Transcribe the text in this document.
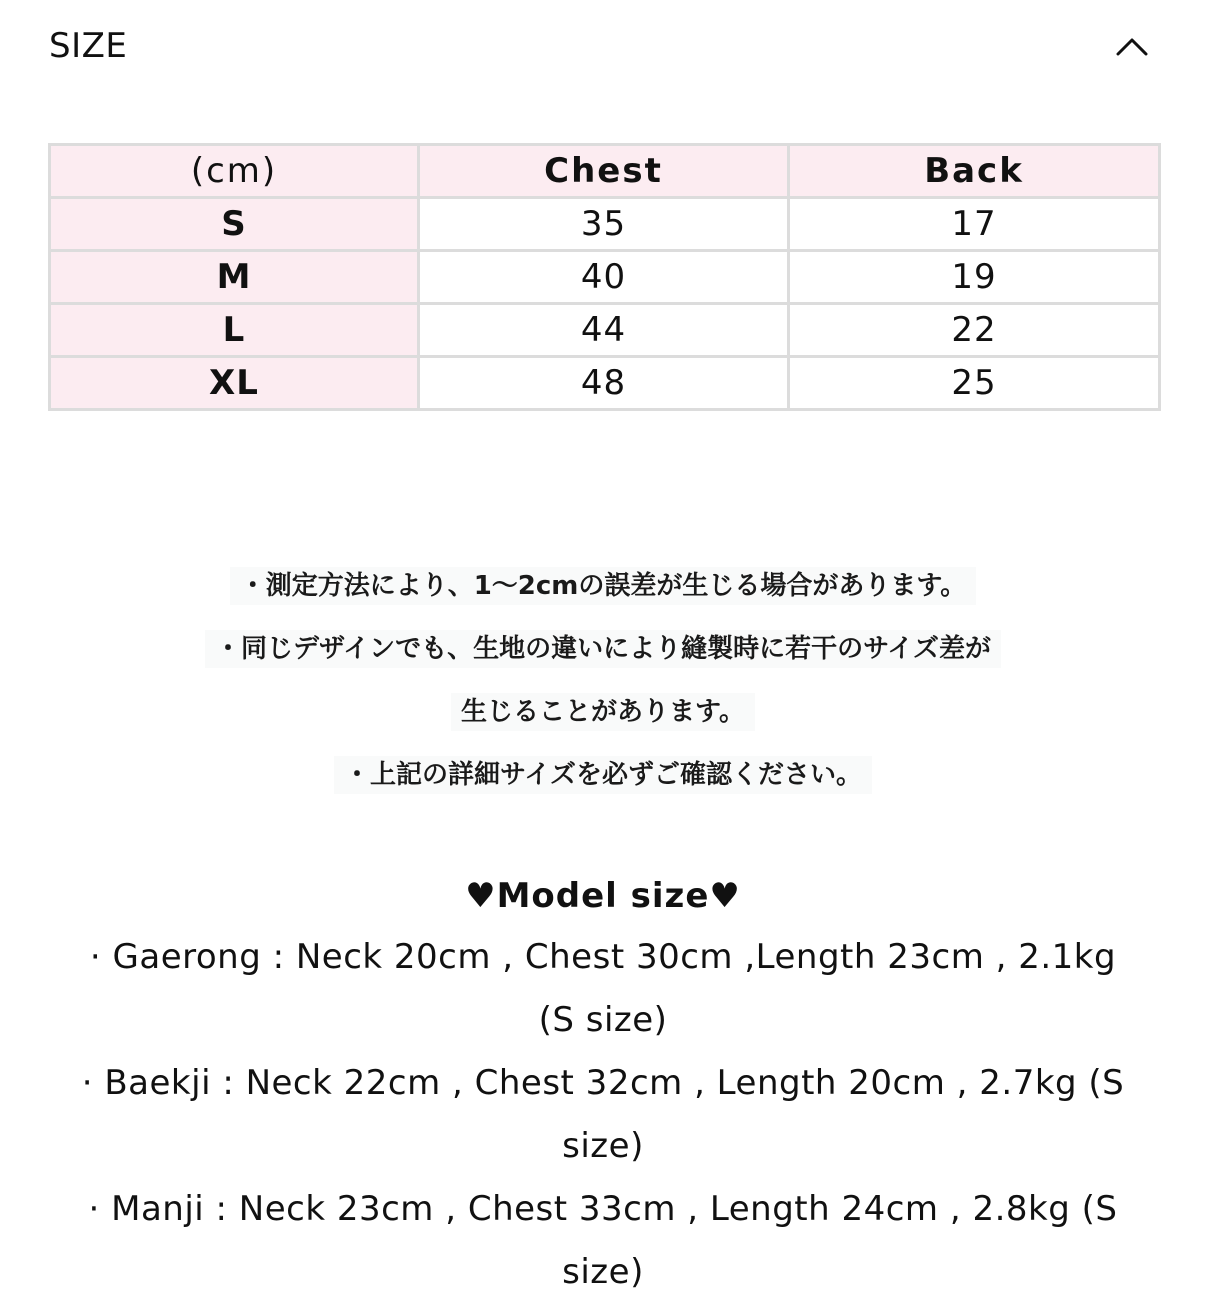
SIZE
(cm)	Chest	Back
S	35	17
M	40	19
L	44	22
XL	48	25
・測定方法により、1〜2cmの誤差が生じる場合があります。
・同じデザインでも、生地の違いにより縫製時に若干のサイズ差が
生じることがあります。
・上記の詳細サイズを必ずご確認ください。
♥Model size♥
· Gaerong : Neck 20cm , Chest 30cm ,Length 23cm , 2.1kg (S size)
· Baekji : Neck 22cm , Chest 32cm , Length 20cm , 2.7kg (S size)
· Manji : Neck 23cm , Chest 33cm , Length 24cm , 2.8kg (S size)
